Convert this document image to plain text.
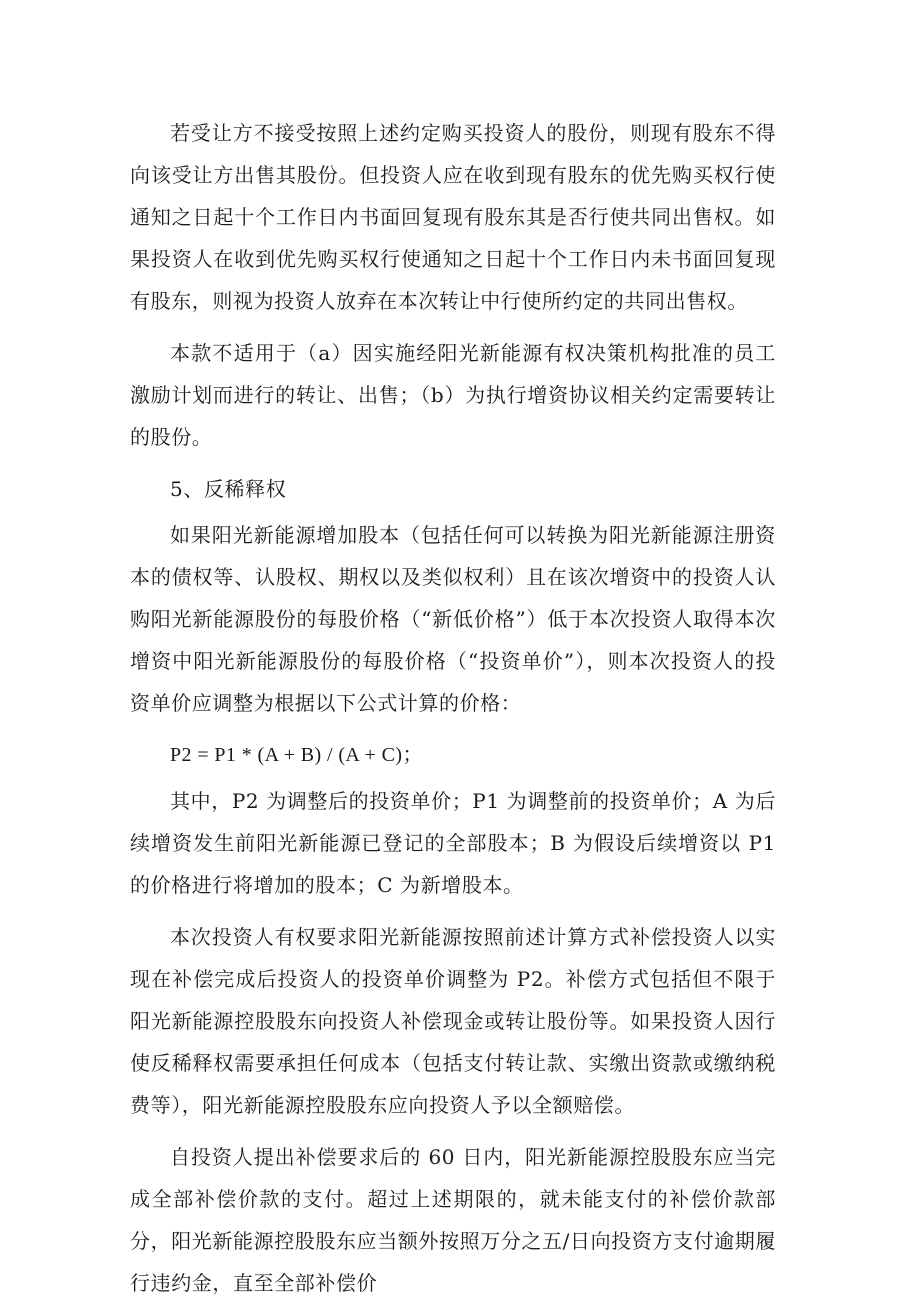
若受让方不接受按照上述约定购买投资人的股份，则现有股东不得向该受让方出售其股份。但投资人应在收到现有股东的优先购买权行使通知之日起十个工作日内书面回复现有股东其是否行使共同出售权。如果投资人在收到优先购买权行使通知之日起十个工作日内未书面回复现有股东，则视为投资人放弃在本次转让中行使所约定的共同出售权。

本款不适用于（a）因实施经阳光新能源有权决策机构批准的员工激励计划而进行的转让、出售；（b）为执行增资协议相关约定需要转让的股份。

5、反稀释权

如果阳光新能源增加股本（包括任何可以转换为阳光新能源注册资本的债权等、认股权、期权以及类似权利）且在该次增资中的投资人认购阳光新能源股份的每股价格（“新低价格”）低于本次投资人取得本次增资中阳光新能源股份的每股价格（“投资单价”），则本次投资人的投资单价应调整为根据以下公式计算的价格：

P2 = P1 * (A + B) / (A + C)；

其中，P2 为调整后的投资单价；P1 为调整前的投资单价；A 为后续增资发生前阳光新能源已登记的全部股本；B 为假设后续增资以 P1 的价格进行将增加的股本；C 为新增股本。

本次投资人有权要求阳光新能源按照前述计算方式补偿投资人以实现在补偿完成后投资人的投资单价调整为 P2。补偿方式包括但不限于阳光新能源控股股东向投资人补偿现金或转让股份等。如果投资人因行使反稀释权需要承担任何成本（包括支付转让款、实缴出资款或缴纳税费等），阳光新能源控股股东应向投资人予以全额赔偿。

自投资人提出补偿要求后的 60 日内，阳光新能源控股股东应当完成全部补偿价款的支付。超过上述期限的，就未能支付的补偿价款部分，阳光新能源控股股东应当额外按照万分之五/日向投资方支付逾期履行违约金，直至全部补偿价
